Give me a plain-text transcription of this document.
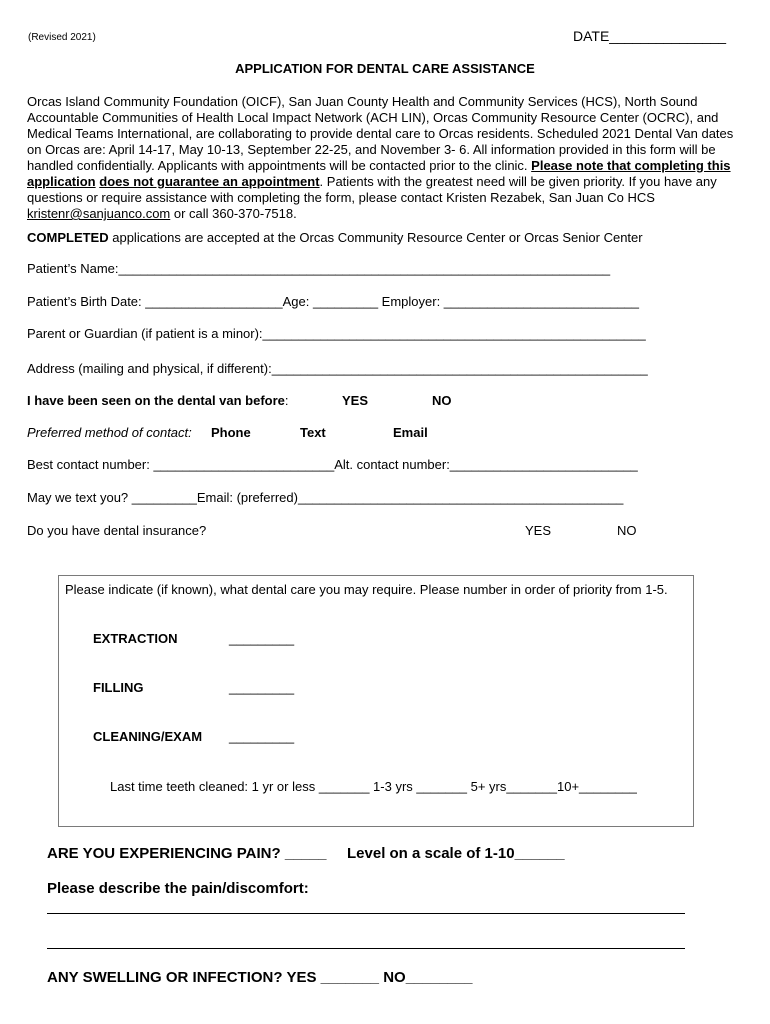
(Revised 2021)	DATE_______________
APPLICATION FOR DENTAL CARE ASSISTANCE
Orcas Island Community Foundation (OICF), San Juan County Health and Community Services (HCS), North Sound Accountable Communities of Health Local Impact Network (ACH LIN), Orcas Community Resource Center (OCRC), and Medical Teams International, are collaborating to provide dental care to Orcas residents. Scheduled 2021 Dental Van dates on Orcas are: April 14-17, May 10-13, September 22-25, and November 3- 6. All information provided in this form will be handled confidentially. Applicants with appointments will be contacted prior to the clinic. Please note that completing this application does not guarantee an appointment. Patients with the greatest need will be given priority. If you have any questions or require assistance with completing the form, please contact Kristen Rezabek, San Juan Co HCS kristenr@sanjuanco.com or call 360-370-7518.
COMPLETED applications are accepted at the Orcas Community Resource Center or Orcas Senior Center
Patient’s Name:____________________________________________________________________
Patient’s Birth Date: ___________________Age: _________ Employer: ___________________________
Parent or Guardian (if patient is a minor):_____________________________________________________
Address (mailing and physical, if different):____________________________________________________
I have been seen on the dental van before:	YES	NO
Preferred method of contact: Phone	Text	Email
Best contact number: _________________________Alt. contact number:__________________________
May we text you? _________Email: (preferred)_____________________________________________
Do you have dental insurance?	YES	NO
Please indicate (if known), what dental care you may require. Please number in order of priority from 1-5.
EXTRACTION	_________
FILLING	_________
CLEANING/EXAM _________
Last time teeth cleaned: 1 yr or less _______ 1-3 yrs _______ 5+ yrs_______10+________
ARE YOU EXPERIENCING PAIN? _____ Level on a scale of 1-10______
Please describe the pain/discomfort:
ANY SWELLING OR INFECTION? YES _______ NO________
